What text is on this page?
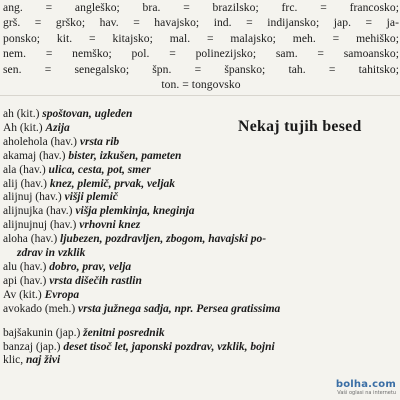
ang. = angleško; bra. = brazilsko; frc. = francosko;
grš. = grško; hav. = havajsko; ind. = indijansko; jap. = ja-
ponsko; kit. = kitajsko; mal. = malajsko; meh. = mehiško;
nem. = nemško; pol. = polinezijsko; sam. = samoansko;
sen. = senegalsko; špn. = špansko; tah. = tahitsko;
ton. = tongovsko
Nekaj tujih besed
ah (kit.) spoštovan, ugleden
Ah (kit.) Azija
aholehola (hav.) vrsta rib
akamaj (hav.) bister, izkušen, pameten
ala (hav.) ulica, cesta, pot, smer
alij (hav.) knez, plemič, prvak, veljak
alijnuj (hav.) višji plemič
alijnujka (hav.) višja plemkinja, kneginja
alijnujnuj (hav.) vrhovni knez
aloha (hav.) ljubezen, pozdravljen, zbogom, havajski po-
zdrav in vzklik
alu (hav.) dobro, prav, velja
api (hav.) vrsta dišečih rastlin
Av (kit.) Evropa
avokado (meh.) vrsta južnega sadja, npr. Persea gratissima
bajšakunin (jap.) ženitni posrednik
banzaj (jap.) deset tisoč let, japonski pozdrav, vzklik, bojni
klic, naj živi
bolha.com
Vaši oglasi na internetu
